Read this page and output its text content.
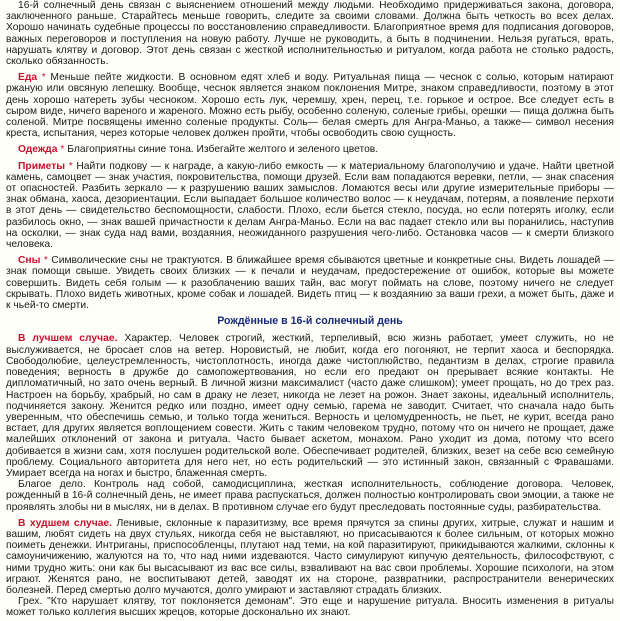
16-й солнечный день связан с выяснением отношений между людьми. Необходимо придерживаться закона, договора, заключенного раньше. Старайтесь меньше говорить, следите за своими словами. Должна быть четкость во всех делах. Хорошо начинать судебные процессы по восстановлению справедливости. Благоприятное время для подписания договоров, важных переговоров и поступления на новую работу. Лучше не руководить, а быть в подчинении. Нельзя ругаться, врать, нарушать клятву и договор. Этот день связан с жесткой исполнительностью и ритуалом, когда работа не столько радость, сколько обязанность.

Еда * Меньше пейте жидкости. В основном едят хлеб и воду. Ритуальная пища — чеснок с солью, которым натирают ржаную или овсяную лепешку. Вообще, чеснок является знаком поклонения Митре, знаком справедливости, поэтому в этот день хорошо натереть зубы чесноком. Хорошо есть лук, черемшу, хрен, перец, т.е. горькое и острое. Все следует есть в сыром виде, ничего вареного и жареного. Можно есть рыбу, особенно соленую, соленые грибы, орешки — пища должна быть соленой. Митре посвящены именно соленые продукты. Соль— белая смерть для Ангра-Маньо, а также— символ несения креста, испытания, через которые человек должен пройти, чтобы освободить свою сущность.

Одежда * Благоприятны синие тона. Избегайте желтого и зеленого цветов.

Приметы * Найти подкову — к награде, а какую-либо емкость — к материальному благополучию и удаче. Найти цветной камень, самоцвет — знак участия, покровительства, помощи друзей. Если вам попадаются веревки, петли, — знак спасения от опасностей. Разбить зеркало — к разрушению ваших замыслов. Ломаются весы или другие измерительные приборы — знак обмана, хаоса, дезориентации. Если выпадает большое количество волос — к неудачам, потерям, а появление перхоти в этот день — свидетельство беспомощности, слабости. Плохо, если бьется стекло, посуда, но если потерять иголку, если разбилось окно, — знак вашей причастности к делам Ангра-Маньо. Если на вас падает стекло или вы поранились, наступив на осколки, — знак суда над вами, воздаяния, неожиданного разрушения чего-либо. Остановка часов — к смерти близкого человека.

Сны * Символические сны не трактуются. В ближайшее время сбываются цветные и конкретные сны. Видеть лошадей — знак помощи свыше. Увидеть своих близких — к печали и неудачам, предостережение от ошибок, которые вы можете совершить. Видеть себя голым — к разоблачению ваших тайн, вас могут поймать на слове, поэтому ничего не следует скрывать. Плохо видеть животных, кроме собак и лошадей. Видеть птиц — к воздаянию за ваши грехи, а может быть, даже и к чьей-то смерти.

Рождённые в 16-й солнечный день

В лучшем случае. Характер. Человек строгий, жесткий, терпеливый, всю жизнь работает, умеет служить, но не выслуживается, не бросает слов на ветер. Норовистый, не любит, когда его погоняют, не терпит хаоса и беспорядка. Свободолюбие, целеустремленность, чистоплотность, иногда даже чистоплюйство, педантизм в делах, строгие правила поведения; верность в дружбе до самопожертвования, но если его предают он прерывает всякие контакты. Не дипломатичный, но зато очень верный. В личной жизни максималист (часто даже слишком); умеет прощать, но до трех раз. Настроен на борьбу, храбрый, но сам в драку не лезет, никогда не лезет на рожон. Знает законы, идеальный исполнитель, подчиняется закону. Женится редко или поздно, имеет одну семью, гарема не заводит. Считает, что сначала надо быть уверенным, что обеспечишь семью, и только тогда жениться. Верность и целомудренность, не пьет, не курит, всегда рано встает, для других является воплощением совести. Жить с таким человеком трудно, потому что он ничего не прощает, даже малейших отклонений от закона и ритуала. Часто бывает аскетом, монахом. Рано уходит из дома, потому что всего добивается в жизни сам, хотя послушен родительской воле. Обеспечивает родителей, близких, везет на себе всю семейную проблему. Социального авторитета для него нет, но есть родительский — это истинный закон, связанный с Фравашами. Умирает всегда на ногах и быстро, блаженная смерть.

Благое дело. Контроль над собой, самодисциплина, жесткая исполнительность, соблюдение договора. Человек, рожденный в 16-й солнечный день, не имеет права распускаться, должен полностью контролировать свои эмоции, а также не проявлять злобы ни в мыслях, ни в делах. В противном случае его будут преследовать постоянные суды, разбирательства.

В худшем случае. Ленивые, склонные к паразитизму, все время прячутся за спины других, хитрые, служат и нашим и вашим, любят сидеть на двух стульях, никогда себя не выставляют, но присасываются к более сильным, от которых можно поиметь денежки. Интриганы, приспособленцы, плутают над теми, на кой паразитируют, прикидываются жалкими, склонны к самоуничижению, жалуются на то, что над ними издеваются. Часто симулируют кипучую деятельность, философствуют, с ними трудно жить: они как бы высасывают из вас все силы, взваливают на вас свои проблемы. Хорошие психологи, на этом играют. Женятся рано, не воспитывают детей, заводят их на стороне, развратники, распространители венерических болезней. Перед смертью долго мучаются, долго умирают и заставляют страдать близких.

Грех. "Кто нарушает клятву, тот поклоняется демонам". Это еще и нарушение ритуала. Вносить изменения в ритуалы может только коллегия высших жрецов, которые досконально их знают.
